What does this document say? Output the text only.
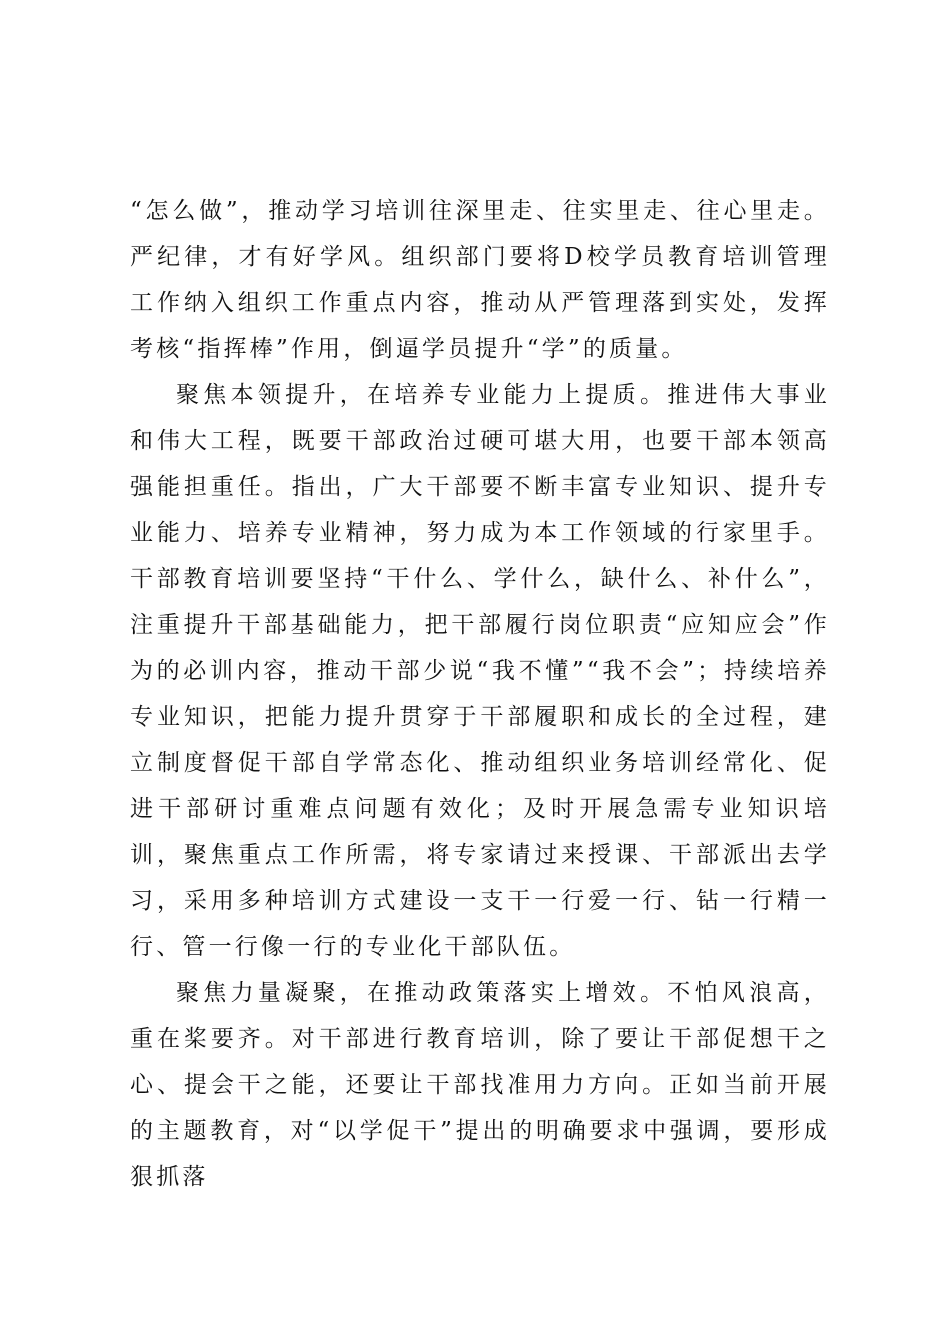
“怎么做”，推动学习培训往深里走、往实里走、往心里走。严纪律，才有好学风。组织部门要将D校学员教育培训管理工作纳入组织工作重点内容，推动从严管理落到实处，发挥考核“指挥棒”作用，倒逼学员提升“学”的质量。

聚焦本领提升，在培养专业能力上提质。推进伟大事业和伟大工程，既要干部政治过硬可堪大用，也要干部本领高强能担重任。指出，广大干部要不断丰富专业知识、提升专业能力、培养专业精神，努力成为本工作领域的行家里手。干部教育培训要坚持“干什么、学什么，缺什么、补什么”，注重提升干部基础能力，把干部履行岗位职责“应知应会”作为的必训内容，推动干部少说“我不懂”“我不会”；持续培养专业知识，把能力提升贯穿于干部履职和成长的全过程，建立制度督促干部自学常态化、推动组织业务培训经常化、促进干部研讨重难点问题有效化；及时开展急需专业知识培训，聚焦重点工作所需，将专家请过来授课、干部派出去学习，采用多种培训方式建设一支干一行爱一行、钻一行精一行、管一行像一行的专业化干部队伍。

聚焦力量凝聚，在推动政策落实上增效。不怕风浪高，重在桨要齐。对干部进行教育培训，除了要让干部促想干之心、提会干之能，还要让干部找准用力方向。正如当前开展的主题教育，对“以学促干”提出的明确要求中强调，要形成狠抓落
